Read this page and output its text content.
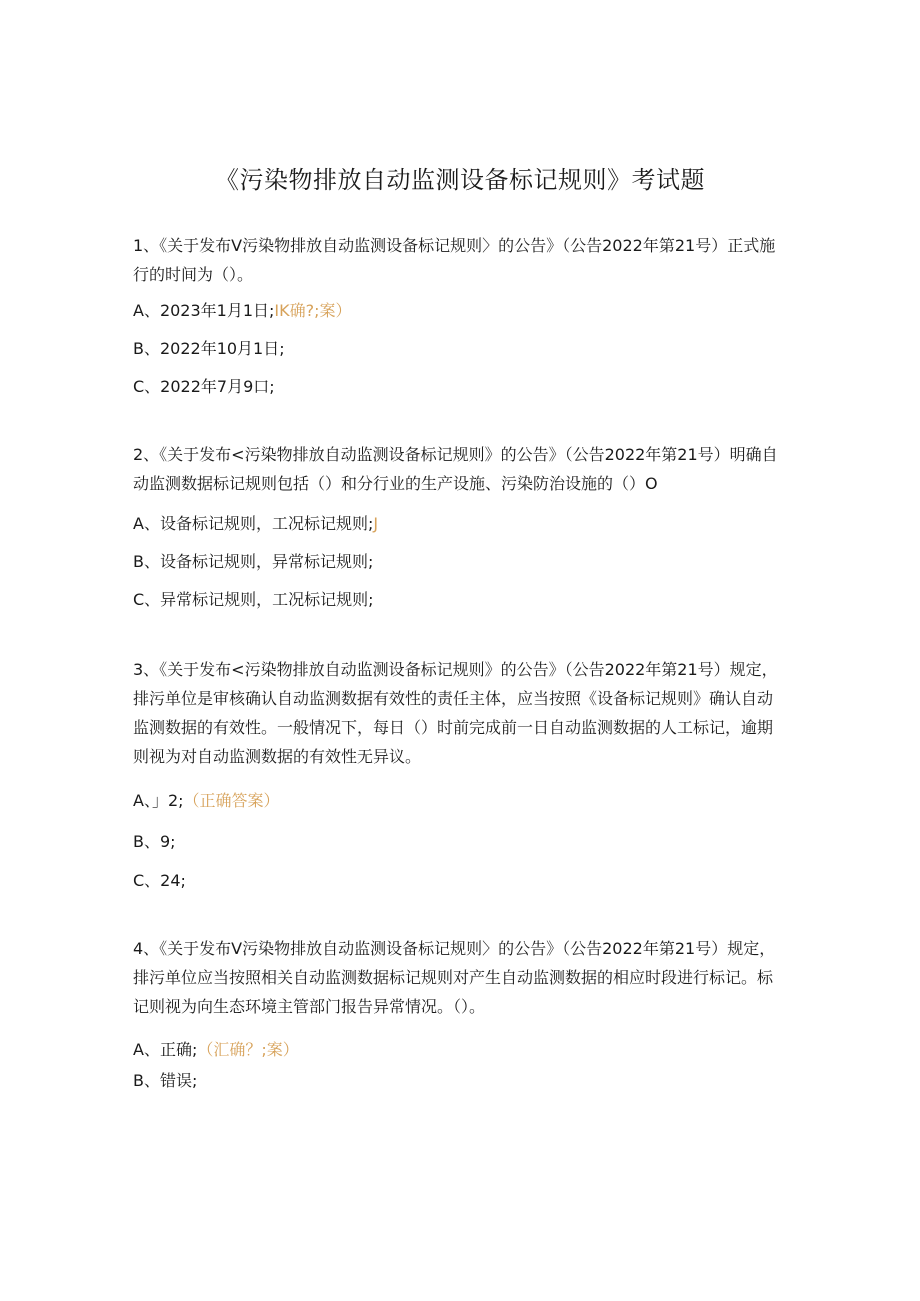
《污染物排放自动监测设备标记规则》考试题

1、《关于发布Ⅴ污染物排放自动监测设备标记规则〉的公告》（公告2022年第21号）正式施行的时间为（）。

A、2023年1月1日;IK确?;案）

B、2022年10月1日;

C、2022年7月9口;

2、《关于发布<污染物排放自动监测设备标记规则》的公告》（公告2022年第21号）明确自动监测数据标记规则包括（）和分行业的生产设施、污染防治设施的（）O

A、设备标记规则，工况标记规则;J

B、设备标记规则，异常标记规则;

C、异常标记规则，工况标记规则;

3、《关于发布<污染物排放自动监测设备标记规则》的公告》（公告2022年第21号）规定，排污单位是审核确认自动监测数据有效性的责任主体，应当按照《设备标记规则》确认自动监测数据的有效性。一般情况下，每日（）时前完成前一日自动监测数据的人工标记，逾期则视为对自动监测数据的有效性无异议。

A、」2;（正确答案）

B、9;

C、24;

4、《关于发布Ⅴ污染物排放自动监测设备标记规则〉的公告》（公告2022年第21号）规定，排污单位应当按照相关自动监测数据标记规则对产生自动监测数据的相应时段进行标记。标记则视为向生态环境主管部门报告异常情况。（）。

A、正确;（汇确？;案）

B、错误;
